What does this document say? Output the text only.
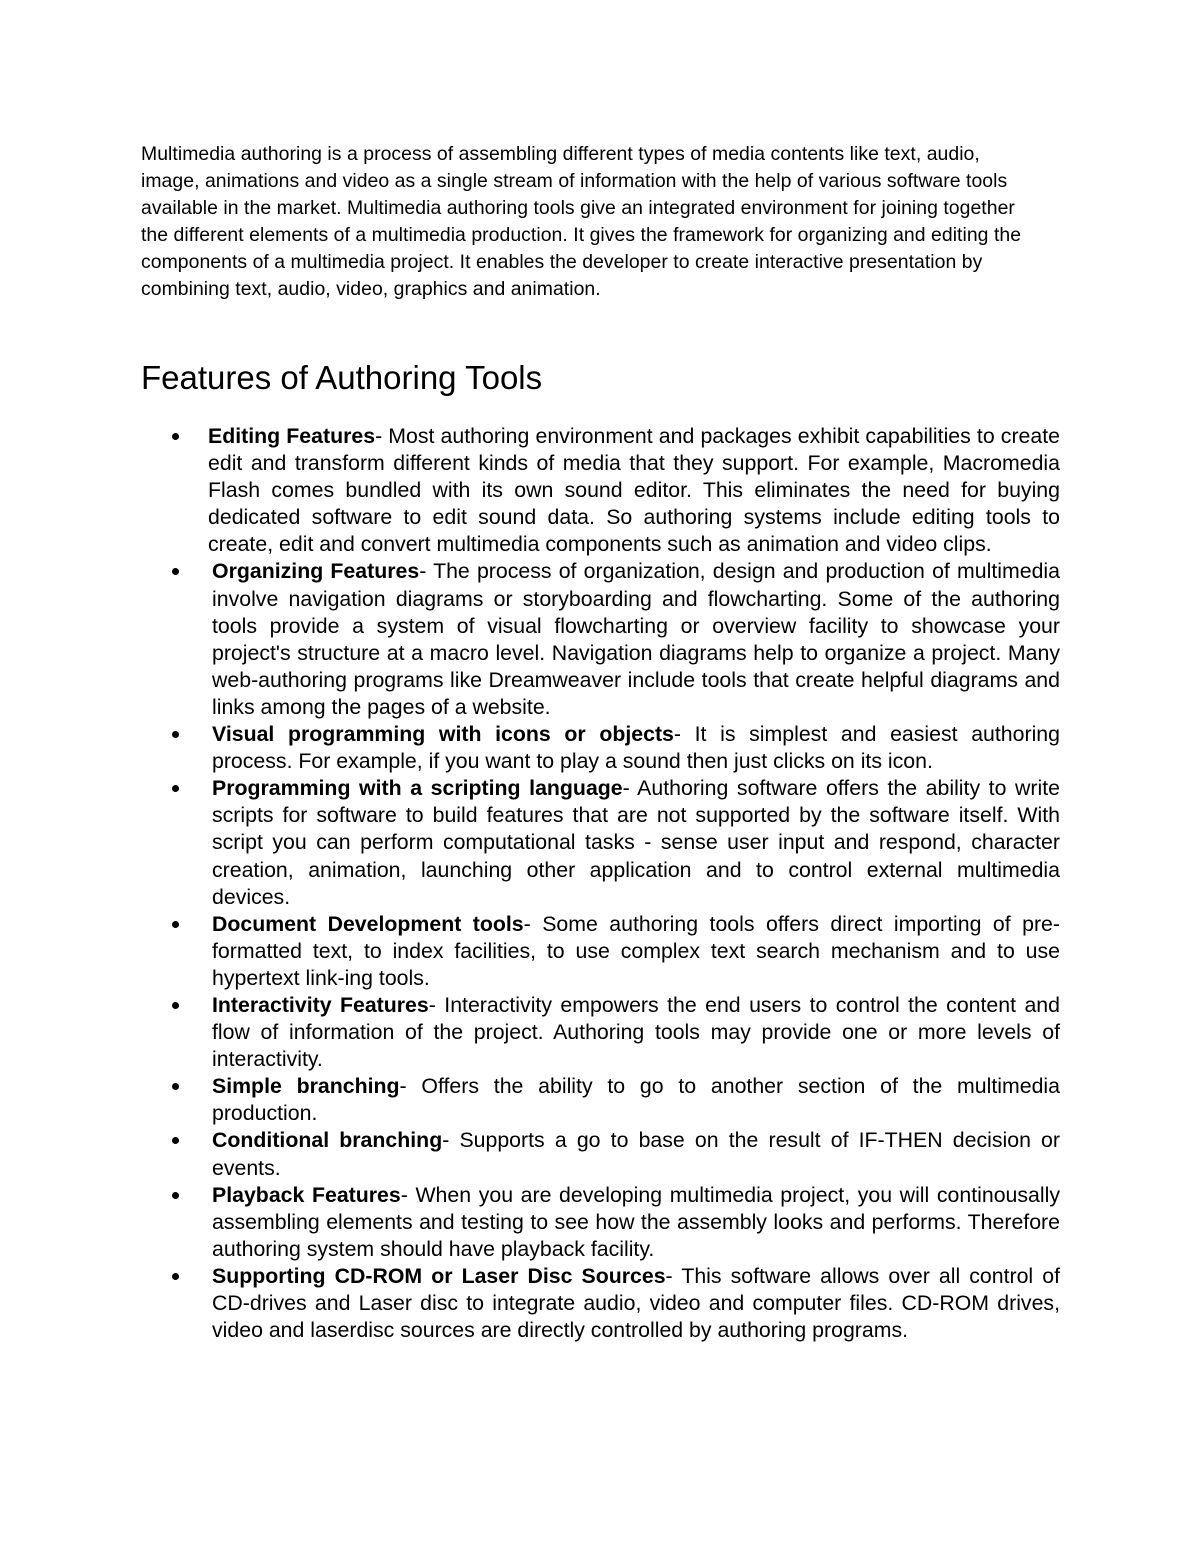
Multimedia authoring is a process of assembling different types of media contents like text, audio, image, animations and video as a single stream of information with the help of various software tools available in the market. Multimedia authoring tools give an integrated environment for joining together the different elements of a multimedia production. It gives the framework for organizing and editing the components of a multimedia project. It enables the developer to create interactive presentation by combining text, audio, video, graphics and animation.

Features of Authoring Tools
Editing Features- Most authoring environment and packages exhibit capabilities to create edit and transform different kinds of media that they support. For example, Macromedia Flash comes bundled with its own sound editor. This eliminates the need for buying dedicated software to edit sound data. So authoring systems include editing tools to create, edit and convert multimedia components such as animation and video clips.
Organizing Features- The process of organization, design and production of multimedia involve navigation diagrams or storyboarding and flowcharting. Some of the authoring tools provide a system of visual flowcharting or overview facility to showcase your project's structure at a macro level. Navigation diagrams help to organize a project. Many web-authoring programs like Dreamweaver include tools that create helpful diagrams and links among the pages of a website.
Visual programming with icons or objects- It is simplest and easiest authoring process. For example, if you want to play a sound then just clicks on its icon.
Programming with a scripting language- Authoring software offers the ability to write scripts for software to build features that are not supported by the software itself. With script you can perform computational tasks - sense user input and respond, character creation, animation, launching other application and to control external multimedia devices.
Document Development tools- Some authoring tools offers direct importing of pre-formatted text, to index facilities, to use complex text search mechanism and to use hypertext link-ing tools.
Interactivity Features- Interactivity empowers the end users to control the content and flow of information of the project. Authoring tools may provide one or more levels of interactivity.
Simple branching- Offers the ability to go to another section of the multimedia production.
Conditional branching- Supports a go to base on the result of IF-THEN decision or events.
Playback Features- When you are developing multimedia project, you will continousally assembling elements and testing to see how the assembly looks and performs. Therefore authoring system should have playback facility.
Supporting CD-ROM or Laser Disc Sources- This software allows over all control of CD-drives and Laser disc to integrate audio, video and computer files. CD-ROM drives, video and laserdisc sources are directly controlled by authoring programs.
